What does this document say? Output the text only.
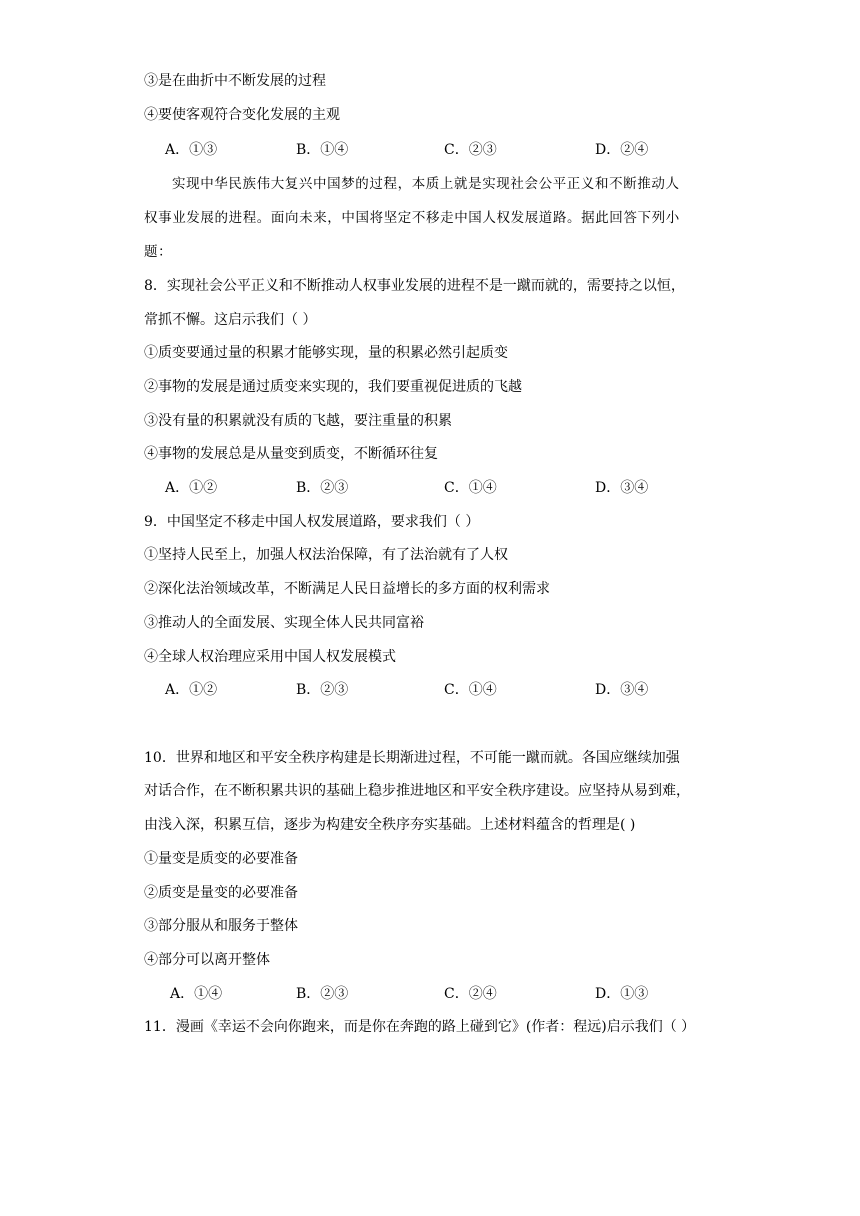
③是在曲折中不断发展的过程
④要使客观符合变化发展的主观
A．①③	B．①④	C．②③	D．②④
实现中华民族伟大复兴中国梦的过程，本质上就是实现社会公平正义和不断推动人
权事业发展的进程。面向未来，中国将坚定不移走中国人权发展道路。据此回答下列小
题：
8．实现社会公平正义和不断推动人权事业发展的进程不是一蹴而就的，需要持之以恒，
常抓不懈。这启示我们（ ）
①质变要通过量的积累才能够实现，量的积累必然引起质变
②事物的发展是通过质变来实现的，我们要重视促进质的飞越
③没有量的积累就没有质的飞越，要注重量的积累
④事物的发展总是从量变到质变，不断循环往复
A．①②	B．②③	C．①④	D．③④
9．中国坚定不移走中国人权发展道路，要求我们（ ）
①坚持人民至上，加强人权法治保障，有了法治就有了人权
②深化法治领域改革，不断满足人民日益增长的多方面的权利需求
③推动人的全面发展、实现全体人民共同富裕
④全球人权治理应采用中国人权发展模式
A．①②	B．②③	C．①④	D．③④
10．世界和地区和平安全秩序构建是长期渐进过程，不可能一蹴而就。各国应继续加强
对话合作，在不断积累共识的基础上稳步推进地区和平安全秩序建设。应坚持从易到难，
由浅入深，积累互信，逐步为构建安全秩序夯实基础。上述材料蕴含的哲理是( )
①量变是质变的必要准备
②质变是量变的必要准备
③部分服从和服务于整体
④部分可以离开整体
A．①④	B．②③	C．②④	D．①③
11．漫画《幸运不会向你跑来，而是你在奔跑的路上碰到它》(作者：程远)启示我们（ ）
